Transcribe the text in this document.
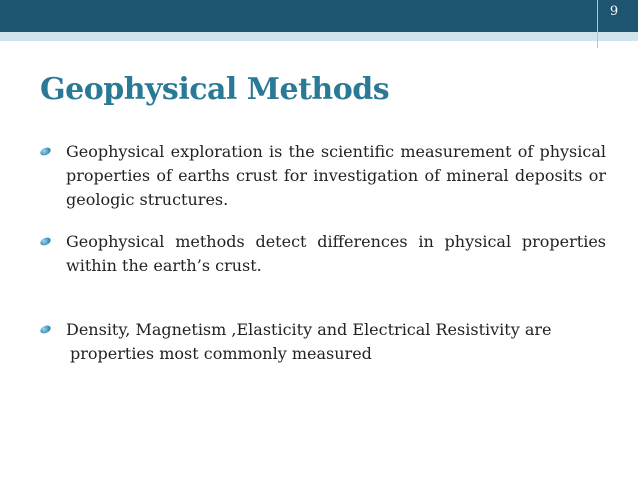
9
Geophysical Methods
Geophysical exploration is the scientific measurement of physical properties of earths crust for investigation of mineral deposits or geologic structures.
Geophysical methods detect differences in physical properties within the earth’s crust.
Density, Magnetism ,Elasticity and Electrical Resistivity are
properties most commonly measured
